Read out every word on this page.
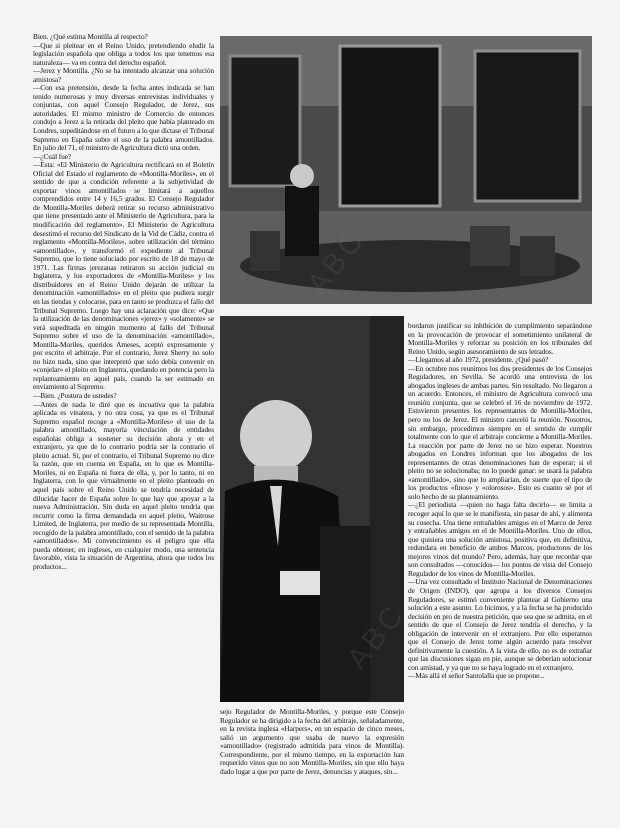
Bien. ¿Qué estima Montilla al respecto?
—Que si pleitear en el Reino Unido, pretendiendo eludir la legislación española que obliga a todos los que tenemos esa naturaleza— va en contra del derecho español.
—Jerez y Montilla. ¿No se ha intentado alcanzar una solución amistosa?
—Con esa pretensión, desde la fecha antes indicada se han tenido numerosas y muy diversas entrevistas individuales y conjuntas, con aquel Consejo Regulador, de Jerez, sus autoridades. El mismo ministro de Comercio de entonces condujo a Jerez a la retirada del pleito que había planteado en Londres, supeditándose en el futuro a lo que dictase el Tribunal Supremo en España sobre el uso de la palabra amontillados. En julio del 71, el ministro de Agricultura dictó una orden.
—¿Cuál fue?
—Esta: «El Ministerio de Agricultura rectificará en el Boletín Oficial del Estado el reglamento de «Montilla-Moriles», en el sentido de que a condición referente a la subjetividad de exportar vinos amontillados se limitará a aquellos comprendidos entre 14 y 16,5 grados. El Consejo Regulador de Montilla-Moriles deberá retirar su recurso administrativo que tiene presentado ante el Ministerio de Agricultura, para la modificación del reglamento». El Ministerio de Agricultura desestimó el recurso del Sindicato de la Vid de Cádiz, contra el reglamento «Montilla-Moriles», sobre utilización del término «amontillado», y transformó el expediente al Tribunal Supremo, que lo tiene soluciado por escrito de 18 de mayo de 1971. Las firmas jerezanas retiraron su acción judicial en Inglaterra, y los exportadores de «Montilla-Moriles» y los distribuidores en el Reino Unido dejarán de utilizar la denominación «amontillados» en el pleito que pudiera surgir en las tiendas y colocarse, para en tanto se produzca el fallo del Tribunal Supremo. Luego hay una aclaración que dice: «Que la utilización de las denominaciones «jerez» y «solamente» se verá supeditada en ningún momento al fallo del Tribunal Supremo sobre el uso de la denominación «amontillado», Montilla-Moriles, queridos Ameses, aceptó expresamente y por escrito el arbitraje. Por el contrario, Jerez Sherry no solo no hizo nada, sino que interpretó que solo debía convenir en «conjelar» el pleito en Inglaterra, quedando en potencia pero la replanteamiento en aquel país, cuando la ser estimado en enviamiento al Supremo.
—Bien. ¿Postura de ustedes?
—Antes de nada le diré que es incoativa que la palabra aplicada es vinatera, y no otra cosa, ya que es el Tribunal Supremo español recoge a «Montilla-Moriles» el uso de la palabra amontillado, mayoría vinculación de entidades españolas obliga a sostener su decisión ahora y en el extranjero, ya que de lo contrario podría ser la contrario el pleito actual. Si, por el contrario, el Tribunal Supremo no dice la razón, que en cuenta en España, en lo que es Montilla-Moriles, ni en España ni fuera de ella, y, por lo tanto, ni en Inglaterra, con lo que virtualmente en el pleito planteado en aquel país sobre el Reino Unido se tendría necesidad de dilucidar hacer de España sobre lo que hay que apoyar a la nueva Administración. Sin duda en aquel pleito tendría que recurrir como la firma demandada en aquel pleito, Waitrose Limited, de Inglaterra, por medio de su representada Montilla, recogido de la palabra amontillado, con el sentido de la palabra «amontillados». Mi convencimiento es el peligro que ella pueda obtener, en ingleses, en cualquier modo, una sentencia favorable, vista la situación de Argentina, ahora que todos los productos...
bordaron justificar su inhibición de cumplimiento separándose en la provocación de provocar el sometimiento unilateral de Montilla-Moriles y reforzar su posición en los tribunales del Reino Unido, según asesoramiento de sus letrados.
—Llegamos al año 1972, presidente. ¿Qué pasó?
—En octubre nos reunimos los dos presidentes de los Consejos Reguladores, en Sevilla. Se acordó una entrevista de los abogados ingleses de ambas partes. Sin resultado. No llegaron a un acuerdo. Entonces, el ministro de Agricultura convocó una reunión conjunta, que se celebró el 16 de noviembre de 1972. Estuvieron presentes los representantes de Montilla-Moriles, pero no los de Jerez. El ministro canceló la reunión. Nosotros, sin embargo, procedimos siempre en el sentido de cumplir totalmente con lo que el arbitraje concierne a Montilla-Moriles. La reacción por parte de Jerez no se hizo esperar. Nuestros abogados en Londres informan que los abogados de los representantes de otras denominaciones han de esperar; si el pleito no se solucionaba; no lo puede ganar: se usará la palabra «amontillado», sino que lo ampliarían, de suerte que el tipo de los productos «finos» y «olorosos». Esto es cuanto sé por el solo hecho de su planteamiento.
—¿El periodista —quien no haga falta decirlo— se limita a recoger aquí lo que se le manifiesta, sin pasar de ahí, y alimenta su cosecha. Una tiene entrañables amigos en el Marco de Jerez y entrañables amigos en el de Montilla-Moriles. Uno de ellos, que quisiera una solución amistosa, positiva que, en definitiva, redundara en beneficio de ambos Marcos, productores de los mejores vinos del mundo? Pero, además, hay que recordar que son consultados —conocidos— los puntos de vista del Consejo Regulador de los vinos de Montilla-Moriles.
—Una vez consultado el Instituto Nacional de Denominaciones de Origen (INDO), que agrupa a los diversos Consejos Reguladores, se estimó conveniente plantear al Gobierno una solución a este asunto. Lo hicimos, y a la fecha se ha producido decisión en pro de nuestra petición, que sea que se admita, en el sentido de que el Consejo de Jerez tendría el derecho, y la obligación de intervenir en el extranjero. Por ello esperamos que el Consejo de Jerez tome algún acuerdo para resolver definitivamente la cuestión. A la vista de ello, no es de extrañar que las discusiones sigan en pie, aunque se deberían solucionar con amistad, y ya que no se haya logrado en el extranjero.
—Más allá el señor Santolalla que se propone...
sejo Regulador de Montilla-Moriles, y porque este Consejo Regulador se ha dirigido a la fecha del arbitraje, señaladamente, en la revista inglesa «Harpers», en un espacio de cinco meses, salió un argumento que usaba de nuevo la expresión «amontillado» (registrado admitida para vinos de Montilla). Correspondiente, por el mismo tiempo, en la exportación han requerido vinos que no son Montilla-Moriles, sin que ello haya dado lugar a que por parte de Jerez, denuncias y ataques, sin...
